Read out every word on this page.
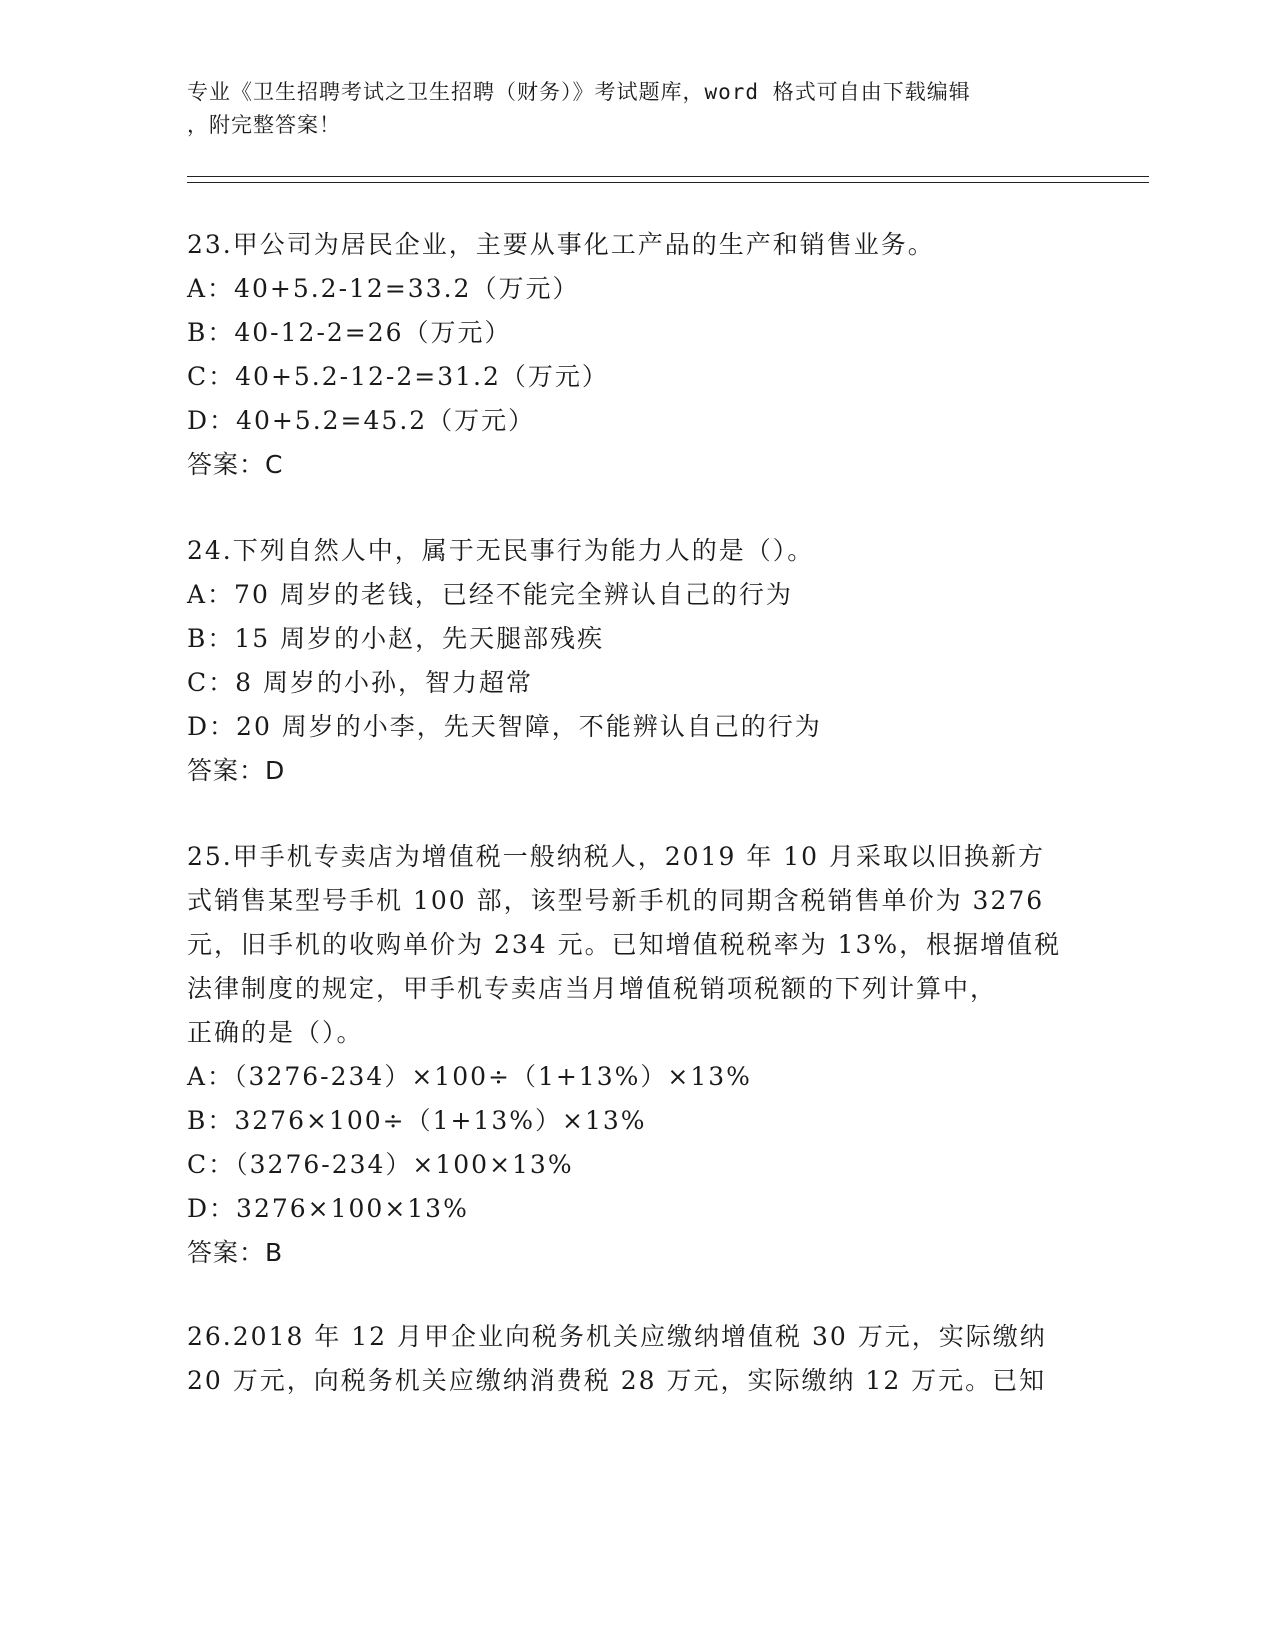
专业《卫生招聘考试之卫生招聘（财务）》考试题库，word 格式可自由下载编辑
，附完整答案！
23.甲公司为居民企业，主要从事化工产品的生产和销售业务。
A：40+5.2-12=33.2（万元）
B：40-12-2=26（万元）
C：40+5.2-12-2=31.2（万元）
D：40+5.2=45.2（万元）
答案：C
24.下列自然人中，属于无民事行为能力人的是（）。
A：70 周岁的老钱，已经不能完全辨认自己的行为
B：15 周岁的小赵，先天腿部残疾
C：8 周岁的小孙，智力超常
D：20 周岁的小李，先天智障，不能辨认自己的行为
答案：D
25.甲手机专卖店为增值税一般纳税人，2019 年 10 月采取以旧换新方
式销售某型号手机 100 部，该型号新手机的同期含税销售单价为 3276
元，旧手机的收购单价为 234 元。已知增值税税率为 13%，根据增值税
法律制度的规定，甲手机专卖店当月增值税销项税额的下列计算中，
正确的是（）。
A：（3276-234）×100÷（1+13%）×13%
B：3276×100÷（1+13%）×13%
C：（3276-234）×100×13%
D：3276×100×13%
答案：B
26.2018 年 12 月甲企业向税务机关应缴纳增值税 30 万元，实际缴纳
20 万元，向税务机关应缴纳消费税 28 万元，实际缴纳 12 万元。已知
